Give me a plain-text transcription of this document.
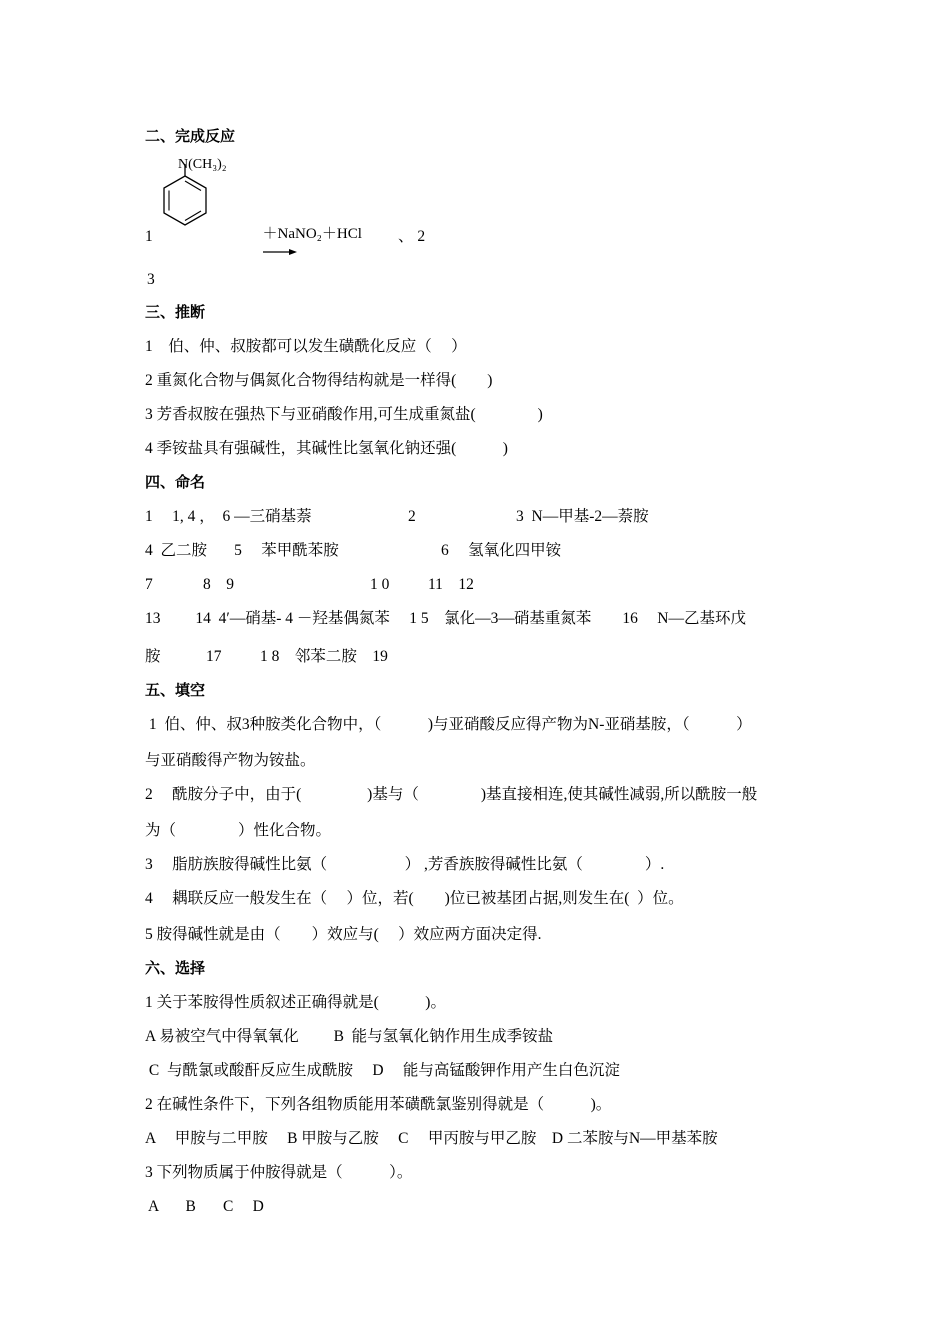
二、完成反应
N(CH₃)₂

＋NaNO₂＋HCl

1	、 2
3
三、推断
1　伯、仲、叔胺都可以发生磺酰化反应（　 ）
2 重氮化合物与偶氮化合物得结构就是一样得(　　)
3 芳香叔胺在强热下与亚硝酸作用,可生成重氮盐(　　　　)
4 季铵盐具有强碱性，其碱性比氢氧化钠还强(　　　)
四、命名
1　 1, 4 ，  6 —三硝基萘	2	3  N—甲基-2—萘胺
4  乙二胺　   5 　苯甲酰苯胺	6 　氢氧化四甲铵
7	8　9	1 0 11　12
13 　　14  4′—硝基- 4 －羟基偶氮苯　 1 5　氯化—3—硝基重氮苯　　16 　N—乙基环戊
胺	17 1 8　邻苯二胺　19
五、填空
1  伯、仲、叔3种胺类化合物中，（　　　)与亚硝酸反应得产物为N-亚硝基胺，（　　　）
与亚硝酸得产物为铵盐。
2 　酰胺分子中，由于(　　　　 )基与（　　　　)基直接相连,使其碱性减弱,所以酰胺一般
为（　　　　）性化合物。
3 　脂肪族胺得碱性比氨（　　　　　） ,芳香族胺得碱性比氨（　　　　）.
4 　耦联反应一般发生在（　 ）位，若(　　)位已被基团占据,则发生在(  ）位。
5 胺得碱性就是由（　　）效应与(　 ）效应两方面决定得.
六、选择
1 关于苯胺得性质叙述正确得就是(　　　)。
A 易被空气中得氧氧化　　 B  能与氢氧化钠作用生成季铵盐
C  与酰氯或酸酐反应生成酰胺 　D 　能与高锰酸钾作用产生白色沉淀
2 在碱性条件下，下列各组物质能用苯磺酰氯鉴别得就是（　　　)。
A 　甲胺与二甲胺 　B 甲胺与乙胺 　C 　甲丙胺与甲乙胺　D 二苯胺与N—甲基苯胺
3 下列物质属于仲胺得就是（　　　）。
A 　  B 　  C　 D
